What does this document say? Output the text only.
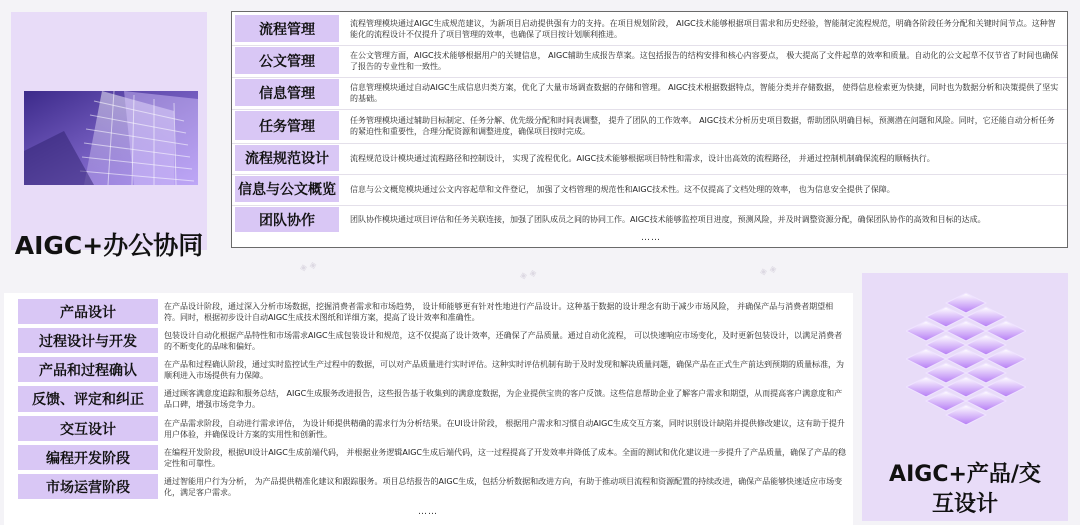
◈ ◈
◈ ◈	◈ ◈
AIGC+办公协同
流程管理	流程管理模块通过AIGC生成规范建议，为新项目启动提供强有力的支持。在项目规划阶段， AIGC技术能够根据项目需求和历史经验，智能制定流程规范，明确各阶段任务分配和关键时间节点。这种智能化的流程设计不仅提升了项目管理的效率，也确保了项目按计划顺利推进。
公文管理	在公文管理方面，AIGC技术能够根据用户的关键信息， AIGC辅助生成报告草案。这包括报告的结构安排和核心内容要点， 极大提高了文件起草的效率和质量。自动化的公文起草不仅节省了时间也确保了报告的专业性和一致性。
信息管理	信息管理模块通过自动AIGC生成信息归类方案，优化了大量市场调查数据的存储和管理。 AIGC技术根据数据特点，智能分类并存储数据， 使得信息检索更为快捷，同时也为数据分析和决策提供了坚实的基础。
任务管理	任务管理模块通过辅助目标制定、任务分解、优先级分配和时间表调整， 提升了团队的工作效率。 AIGC技术分析历史项目数据，帮助团队明确目标，预测潜在问题和风险。同时，它还能自动分析任务的紧迫性和重要性，合理分配资源和调整进度，确保项目按时完成。
流程规范设计	流程规范设计模块通过流程路径和控制设计， 实现了流程优化。AIGC技术能够根据项目特性和需求，设计出高效的流程路径， 并通过控制机制确保流程的顺畅执行。
信息与公文概览	信息与公文概览模块通过公文内容起草和文件登记， 加强了文档管理的规范性和AIGC技术性。这不仅提高了文档处理的效率， 也为信息安全提供了保障。
团队协作	团队协作模块通过项目评估和任务关联连接，加强了团队成员之间的协同工作。AIGC技术能够监控项目进度，预测风险，并及时调整资源分配，确保团队协作的高效和目标的达成。
……
产品设计	在产品设计阶段，通过深入分析市场数据，挖掘消费者需求和市场趋势， 设计师能够更有针对性地进行产品设计。这种基于数据的设计理念有助于减少市场风险， 并确保产品与消费者期望相符。同时，根据初步设计自动AIGC生成技术图纸和详细方案，提高了设计效率和准确性。
过程设计与开发	包装设计自动化根据产品特性和市场需求AIGC生成包装设计和规范，这不仅提高了设计效率，还确保了产品质量。通过自动化流程， 可以快速响应市场变化，及时更新包装设计，以满足消费者的不断变化的品味和偏好。
产品和过程确认	在产品和过程确认阶段，通过实时监控试生产过程中的数据，可以对产品质量进行实时评估。这种实时评估机制有助于及时发现和解决质量问题，确保产品在正式生产前达到预期的质量标准，为顺利进入市场提供有力保障。
反馈、评定和纠正	通过顾客满意度追踪和服务总结， AIGC生成服务改进报告，这些报告基于收集到的满意度数据，为企业提供宝贵的客户反馈。这些信息帮助企业了解客户需求和期望，从而提高客户满意度和产品口碑，增强市场竞争力。
交互设计	在产品需求阶段，自动进行需求评估， 为设计师提供精确的需求行为分析结果。在UI设计阶段， 根据用户需求和习惯自动AIGC生成交互方案，同时识别设计缺陷并提供修改建议，这有助于提升用户体验，并确保设计方案的实用性和创新性。
编程开发阶段	在编程开发阶段，根据UI设计AIGC生成前端代码， 并根据业务逻辑AIGC生成后端代码，这一过程提高了开发效率并降低了成本。全面的测试和优化建议进一步提升了产品质量，确保了产品的稳定性和可靠性。
市场运营阶段	通过智能用户行为分析， 为产品提供精准化建议和跟踪服务。项目总结报告的AIGC生成，包括分析数据和改进方向，有助于推动项目流程和资源配置的持续改进，确保产品能够快速适应市场变化，满足客户需求。
……
AIGC+产品/交
互设计
